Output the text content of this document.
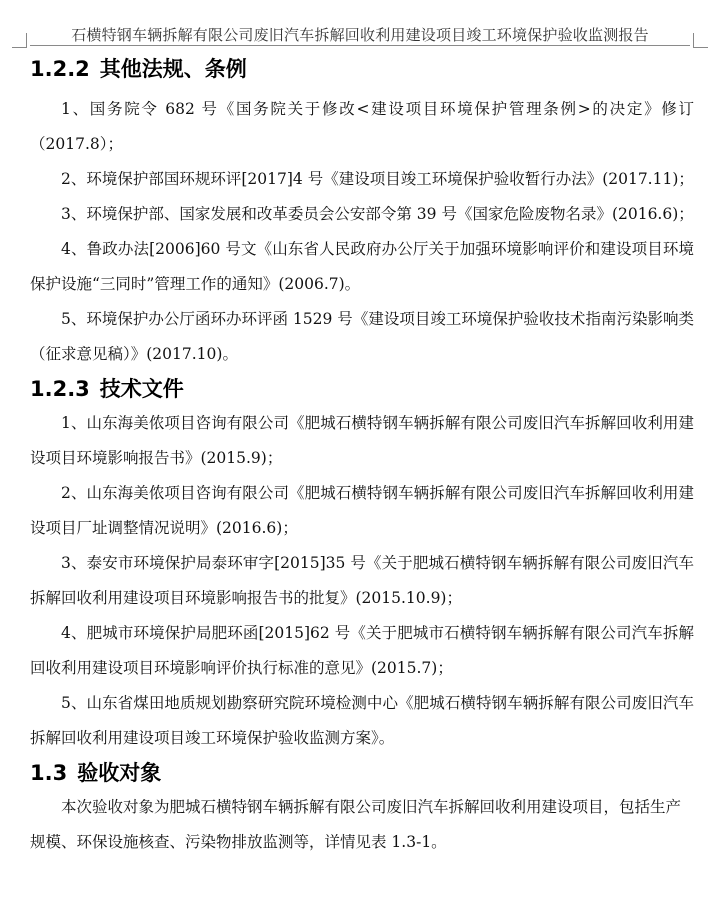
石横特钢车辆拆解有限公司废旧汽车拆解回收利用建设项目竣工环境保护验收监测报告
1.2.2 其他法规、条例

1、国务院令 682 号《国务院关于修改<建设项目环境保护管理条例>的决定》修订（2017.8）；

2、环境保护部国环规环评[2017]4 号《建设项目竣工环境保护验收暂行办法》(2017.11)；

3、环境保护部、国家发展和改革委员会公安部令第 39 号《国家危险废物名录》(2016.6)；

4、鲁政办法[2006]60 号文《山东省人民政府办公厅关于加强环境影响评价和建设项目环境保护设施“三同时”管理工作的通知》(2006.7)。

5、环境保护办公厅函环办环评函 1529 号《建设项目竣工环境保护验收技术指南污染影响类（征求意见稿）》(2017.10)。

1.2.3 技术文件

1、山东海美侬项目咨询有限公司《肥城石横特钢车辆拆解有限公司废旧汽车拆解回收利用建设项目环境影响报告书》(2015.9)；

2、山东海美侬项目咨询有限公司《肥城石横特钢车辆拆解有限公司废旧汽车拆解回收利用建设项目厂址调整情况说明》(2016.6)；

3、泰安市环境保护局泰环审字[2015]35 号《关于肥城石横特钢车辆拆解有限公司废旧汽车拆解回收利用建设项目环境影响报告书的批复》(2015.10.9)；

4、肥城市环境保护局肥环函[2015]62 号《关于肥城市石横特钢车辆拆解有限公司汽车拆解回收利用建设项目环境影响评价执行标准的意见》(2015.7)；

5、山东省煤田地质规划勘察研究院环境检测中心《肥城石横特钢车辆拆解有限公司废旧汽车拆解回收利用建设项目竣工环境保护验收监测方案》。

1.3 验收对象

本次验收对象为肥城石横特钢车辆拆解有限公司废旧汽车拆解回收利用建设项目，包括生产规模、环保设施核查、污染物排放监测等，详情见表 1.3-1。
